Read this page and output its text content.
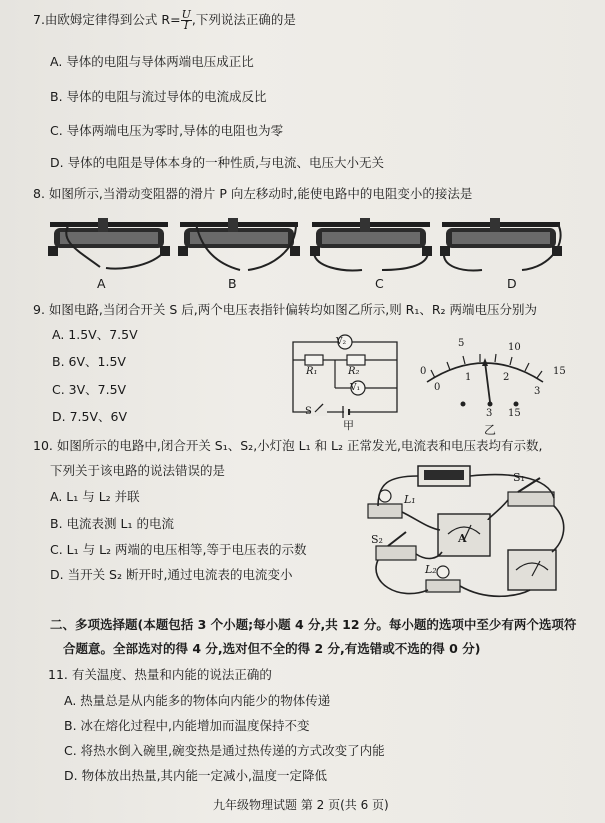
7.由欧姆定律得到公式 $R= \frac{U}{I}$ ,下列说法正确的是
A. 导体的电阻与导体两端电压成正比
B. 导体的电阻与流过导体的电流成反比
C. 导体两端电压为零时,导体的电阻也为零
D. 导体的电阻是导体本身的一种性质,与电流、电压大小无关
8. 如图所示,当滑动变阻器的滑片 P 向左移动时,能使电路中的电阻变小的接法是
A	B	C	D
9. 如图电路,当闭合开关 S 后,两个电压表指针偏转均如图乙所示,则 R₁、R₂ 两端电压分别为
A. 1.5V、7.5V
B. 6V、1.5V
C. 3V、7.5V
D. 7.5V、6V
V₂
V₁
R₁	R₂
S
甲
5	10
0	15
0
1	2
3
3 15
乙
10. 如图所示的电路中,闭合开关 S₁、S₂,小灯泡 L₁ 和 L₂ 正常发光,电流表和电压表均有示数,
下列关于该电路的说法错误的是
A. L₁ 与 L₂ 并联
B. 电流表测 L₁ 的电流
C. L₁ 与 L₂ 两端的电压相等,等于电压表的示数
D. 当开关 S₂ 断开时,通过电流表的电流变小
S₁
L₁
S₂	A
L₂
二、多项选择题(本题包括 3 个小题;每小题 4 分,共 12 分。每小题的选项中至少有两个选项符
合题意。全部选对的得 4 分,选对但不全的得 2 分,有选错或不选的得 0 分)
11. 有关温度、热量和内能的说法正确的
A. 热量总是从内能多的物体向内能少的物体传递
B. 冰在熔化过程中,内能增加而温度保持不变
C. 将热水倒入碗里,碗变热是通过热传递的方式改变了内能
D. 物体放出热量,其内能一定减小,温度一定降低
九年级物理试题 第 2 页(共 6 页)
